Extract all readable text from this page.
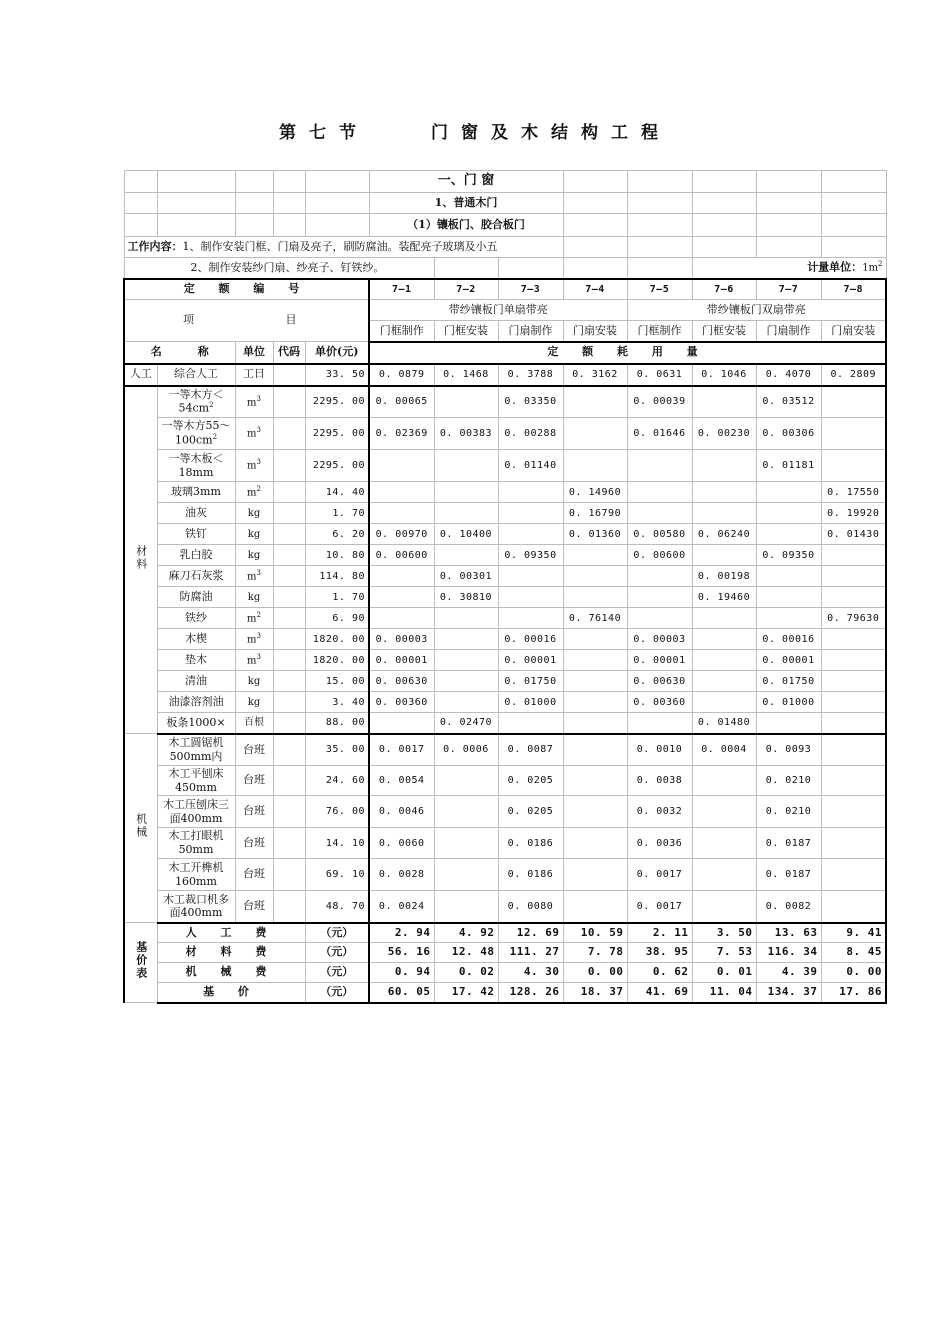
第七节	门窗及木结构工程
					一、门 窗							
					1、普通木门							
					（1）镶板门、胶合板门							
工作内容：1、制作安装门框、门扇及亮子，刷防腐油。装配亮子玻璃及小五												
2、制作安装纱门扇、纱亮子、钉铁纱。										计量单位：$1m^2$
定 额 编 号					7—1	7—2	7—3	7—4	7—5	7—6	7—7	7—8
项 目					带纱镶板门单扇带亮				带纱镶板门双扇带亮			
					门框制作	门框安装	门扇制作	门扇安装	门框制作	门框安装	门扇制作	门扇安装
名 称		单位	代码	单价(元)	定 额 耗 用 量							
人工	综合人工	工日		33. 50	0. 0879	0. 1468	0. 3788	0. 3162	0. 0631	0. 1046	0. 4070	0. 2809
材料	一等木方$<54cm^2$	$m^3$		2295. 00	0. 00065		0. 03350		0. 00039		0. 03512	
	一等木方$55\sim 100cm^2$	$m^3$		2295. 00	0. 02369	0. 00383	0. 00288		0. 01646	0. 00230	0. 00306	
	一等木板＜18mm	$m^3$		2295. 00			0. 01140				0. 01181	
	玻璃3mm	$m^2$		14. 40				0. 14960				0. 17550
	油灰	kg		1. 70				0. 16790				0. 19920
	铁钉	kg		6. 20	0. 00970	0. 10400		0. 01360	0. 00580	0. 06240		0. 01430
	乳白胶	kg		10. 80	0. 00600		0. 09350		0. 00600		0. 09350	
	麻刀石灰浆	$m^3$		114. 80		0. 00301				0. 00198		
	防腐油	kg		1. 70		0. 30810				0. 19460		
	铁纱	$m^2$		6. 90				0. 76140				0. 79630
	木楔	$m^3$		1820. 00	0. 00003		0. 00016		0. 00003		0. 00016	
	垫木	$m^3$		1820. 00	0. 00001		0. 00001		0. 00001		0. 00001	
	清油	kg		15. 00	0. 00630		0. 01750		0. 00630		0. 01750	
	油漆溶剂油	kg		3. 40	0. 00360		0. 01000		0. 00360		0. 01000	
	板条1000×	百根		88. 00		0. 02470				0. 01480		
机械	木工圆锯机500mm内	台班		35. 00	0. 0017	0. 0006	0. 0087		0. 0010	0. 0004	0. 0093	
	木工平刨床450mm	台班		24. 60	0. 0054		0. 0205		0. 0038		0. 0210	
	木工压刨床三面400mm	台班		76. 00	0. 0046		0. 0205		0. 0032		0. 0210	
	木工打眼机50mm	台班		14. 10	0. 0060		0. 0186		0. 0036		0. 0187	
	木工开榫机160mm	台班		69. 10	0. 0028		0. 0186		0. 0017		0. 0187	
	木工裁口机多面400mm	台班		48. 70	0. 0024		0. 0080		0. 0017		0. 0082	
基价表	人 工 费			（元）	2. 94	4. 92	12. 69	10. 59	2. 11	3. 50	13. 63	9. 41
	材 料 费			（元）	56. 16	12. 48	111. 27	7. 78	38. 95	7. 53	116. 34	8. 45
	机 械 费			（元）	0. 94	0. 02	4. 30	0. 00	0. 62	0. 01	4. 39	0. 00
	基 价			（元）	60. 05	17. 42	128. 26	18. 37	41. 69	11. 04	134. 37	17. 86
